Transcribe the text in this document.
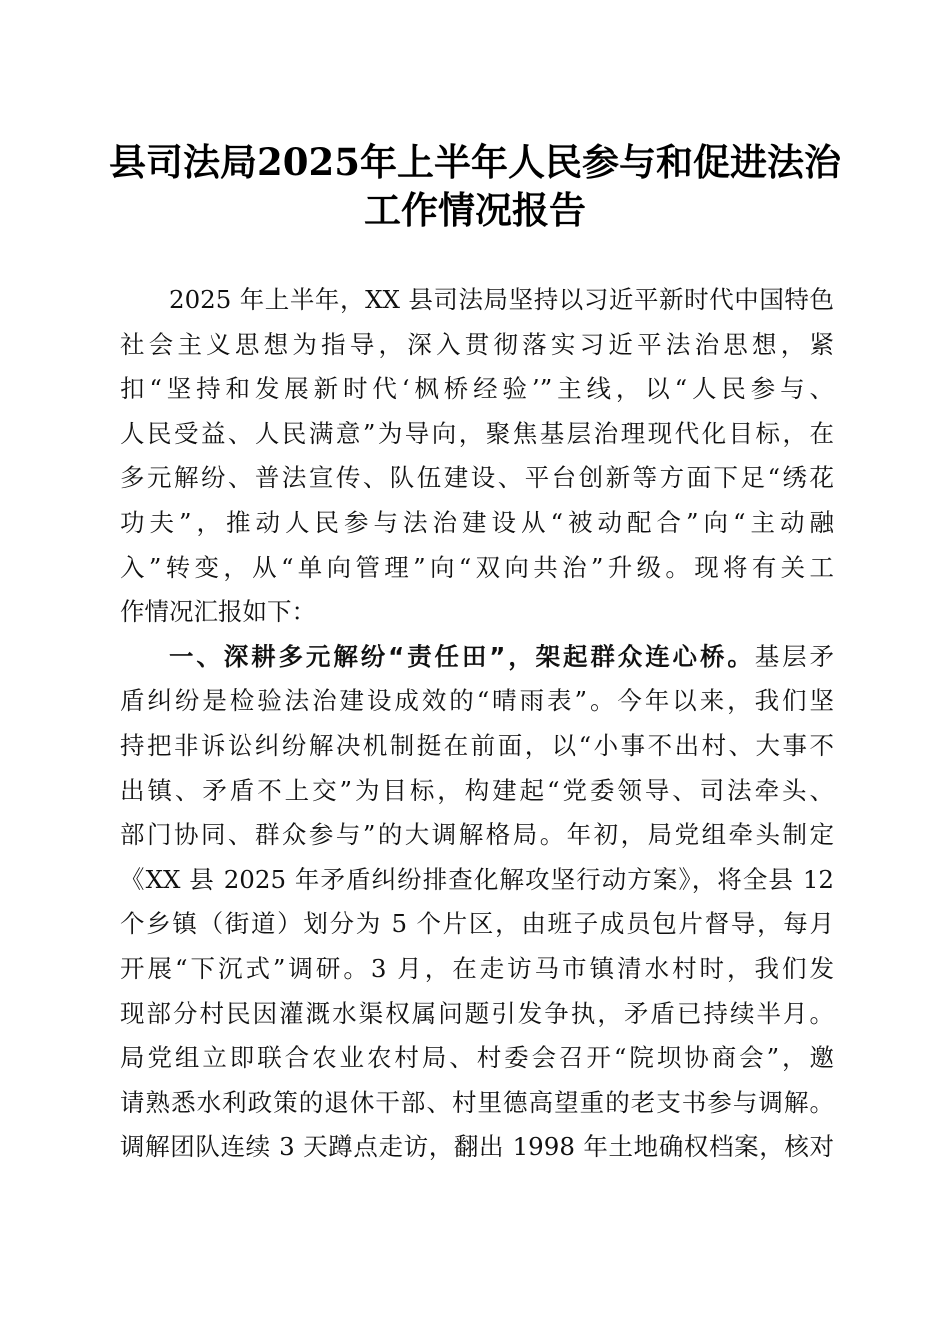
县司法局2025年上半年人民参与和促进法治
工作情况报告
2025 年上半年，XX 县司法局坚持以习近平新时代中国特色
社会主义思想为指导，深入贯彻落实习近平法治思想，紧
扣“坚持和发展新时代‘枫桥经验’”主线，以“人民参与、
人民受益、人民满意”为导向，聚焦基层治理现代化目标，在
多元解纷、普法宣传、队伍建设、平台创新等方面下足“绣花
功夫”，推动人民参与法治建设从“被动配合”向“主动融
入”转变，从“单向管理”向“双向共治”升级。现将有关工
作情况汇报如下：
一、深耕多元解纷“责任田”，架起群众连心桥。基层矛
盾纠纷是检验法治建设成效的“晴雨表”。今年以来，我们坚
持把非诉讼纠纷解决机制挺在前面，以“小事不出村、大事不
出镇、矛盾不上交”为目标，构建起“党委领导、司法牵头、
部门协同、群众参与”的大调解格局。年初，局党组牵头制定
《XX 县 2025 年矛盾纠纷排查化解攻坚行动方案》，将全县 12
个乡镇（街道）划分为 5 个片区，由班子成员包片督导，每月
开展“下沉式”调研。3 月，在走访马市镇清水村时，我们发
现部分村民因灌溉水渠权属问题引发争执，矛盾已持续半月。
局党组立即联合农业农村局、村委会召开“院坝协商会”，邀
请熟悉水利政策的退休干部、村里德高望重的老支书参与调解。
调解团队连续 3 天蹲点走访，翻出 1998 年土地确权档案，核对
